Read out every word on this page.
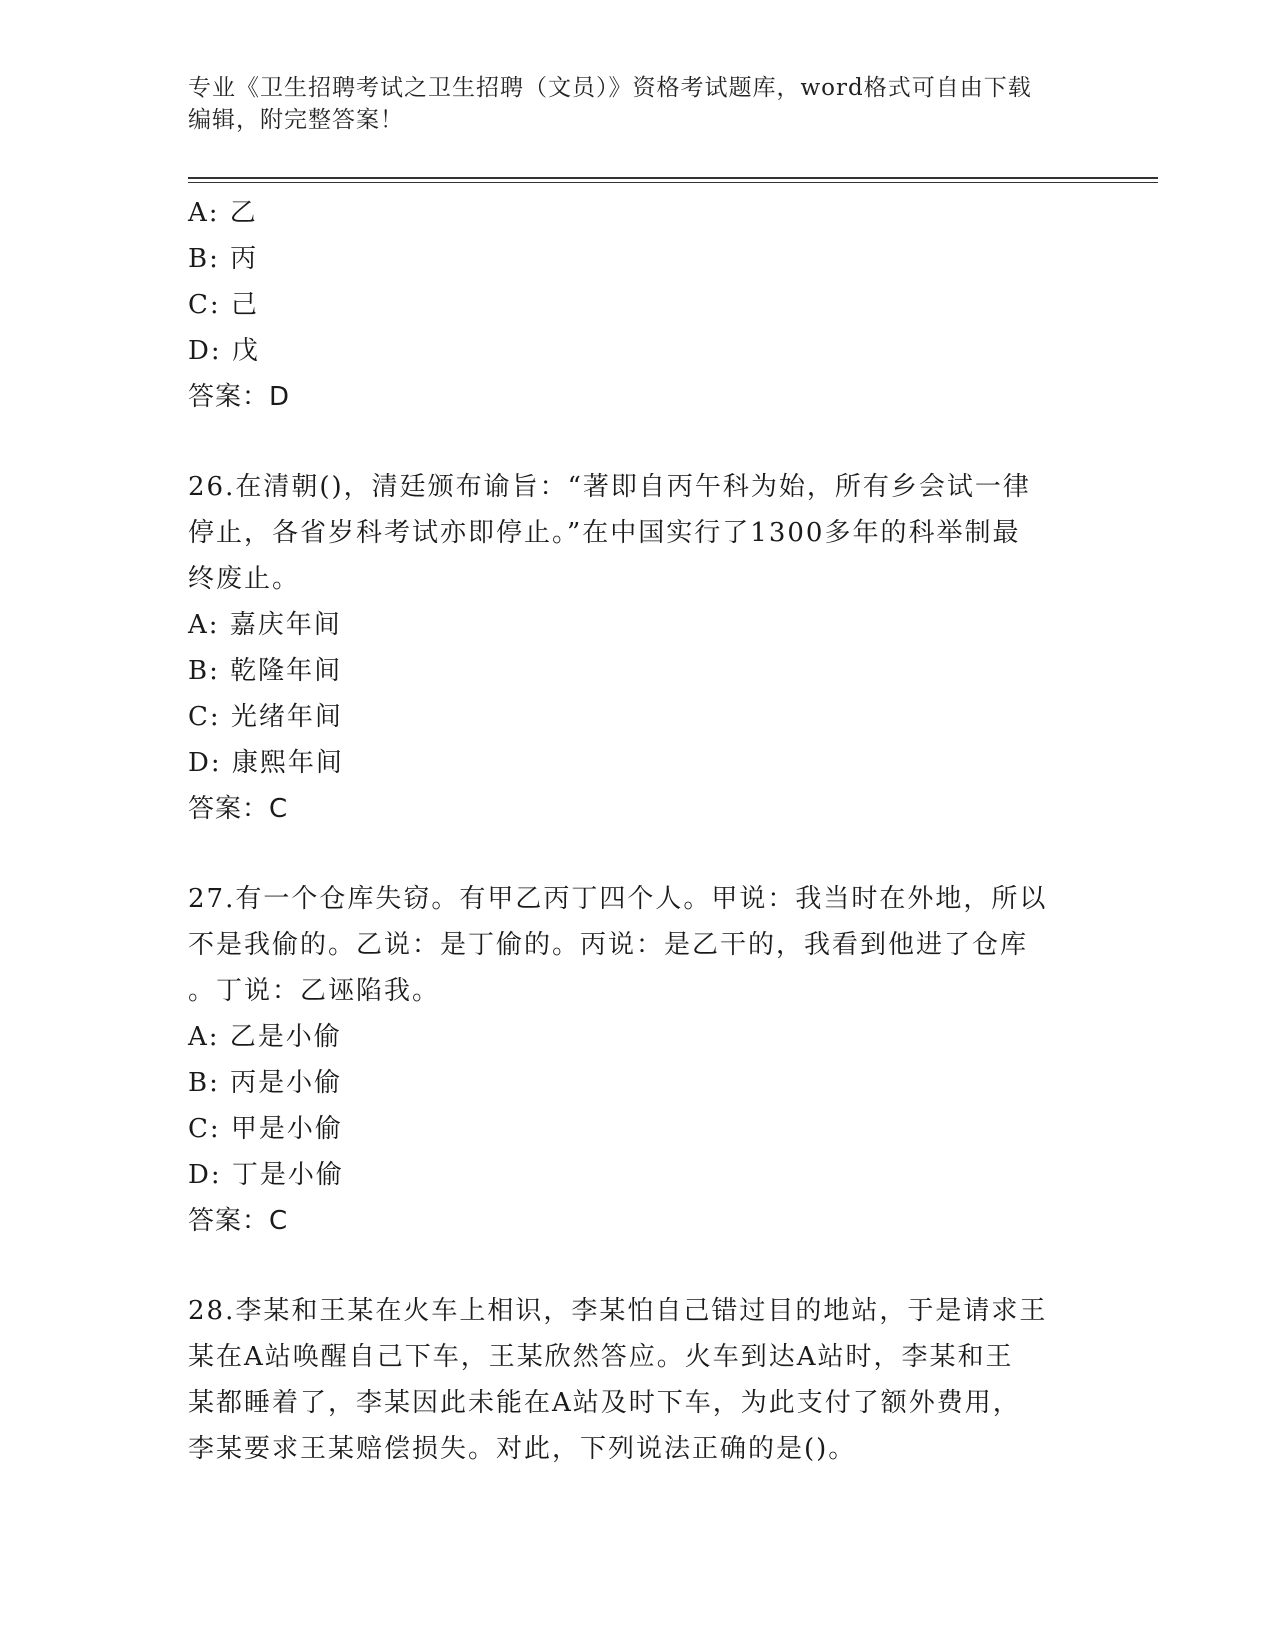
专业《卫生招聘考试之卫生招聘（文员）》资格考试题库，word格式可自由下载
编辑，附完整答案！
A: 乙
B: 丙
C: 己
D: 戊
答案：D
26.在清朝()，清廷颁布谕旨：“著即自丙午科为始，所有乡会试一律
停止，各省岁科考试亦即停止。”在中国实行了1300多年的科举制最
终废止。
A: 嘉庆年间
B: 乾隆年间
C: 光绪年间
D: 康熙年间
答案：C
27.有一个仓库失窃。有甲乙丙丁四个人。甲说：我当时在外地，所以
不是我偷的。乙说：是丁偷的。丙说：是乙干的，我看到他进了仓库
。丁说：乙诬陷我。
A: 乙是小偷
B: 丙是小偷
C: 甲是小偷
D: 丁是小偷
答案：C
28.李某和王某在火车上相识，李某怕自己错过目的地站，于是请求王
某在A站唤醒自己下车，王某欣然答应。火车到达A站时，李某和王
某都睡着了，李某因此未能在A站及时下车，为此支付了额外费用，
李某要求王某赔偿损失。对此，下列说法正确的是()。
